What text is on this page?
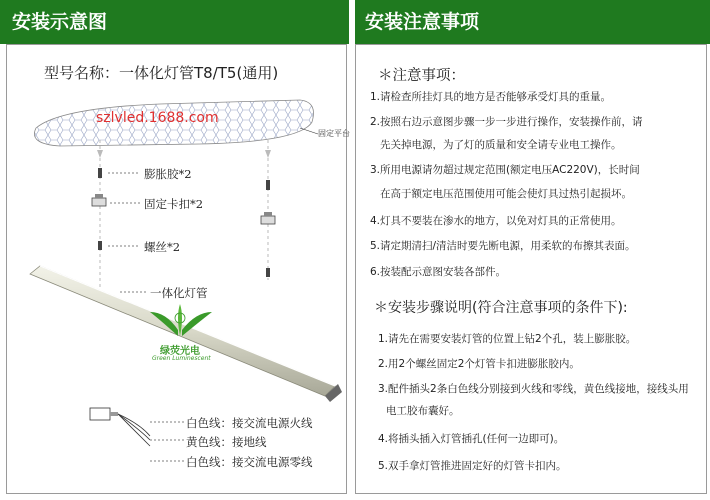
安装示意图	安装注意事项
型号名称：一体化灯管T8/T5(通用)
szlvled.1688.com
固定平台
膨胀胶*2
固定卡扣*2
螺丝*2
一体化灯管
绿荧光电
Green Luminescent
白色线：接交流电源火线
黄色线：接地线
白色线：接交流电源零线
＊注意事项：
1.请检查所挂灯具的地方是否能够承受灯具的重量。
2.按照右边示意图步骤一步一步进行操作，安装操作前，请
先关掉电源，为了灯的质量和安全请专业电工操作。
3.所用电源请勿超过规定范围(额定电压AC220V)，长时间
在高于额定电压范围使用可能会使灯具过热引起损坏。
4.灯具不要装在渗水的地方，以免对灯具的正常使用。
5.请定期清扫/清洁时要先断电源，用柔软的布擦其表面。
6.按装配示意图安装各部件。
＊安装步骤说明(符合注意事项的条件下):
1.请先在需要安装灯管的位置上钻2个孔，装上膨胀胶。
2.用2个螺丝固定2个灯管卡扣进膨胀胶内。
3.配件插头2条白色线分别接到火线和零线，黄色线接地，接线头用
电工胶布囊好。
4.将插头插入灯管插孔(任何一边即可)。
5.双手拿灯管推进固定好的灯管卡扣内。
